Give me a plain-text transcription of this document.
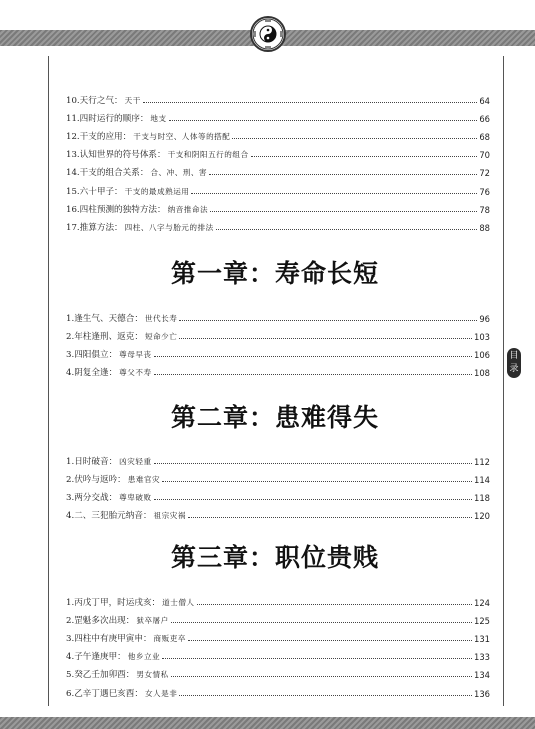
目
录
10.天行之气： 天干	64
11.四时运行的顺序： 地支	66
12.干支的应用： 干支与时空、人体等的搭配	68
13.认知世界的符号体系： 干支和阴阳五行的组合	70
14.干支的组合关系： 合、冲、刑、害	72
15.六十甲子： 干支的最成熟运用	76
16.四柱预测的独特方法： 纳音推命法	78
17.推算方法： 四柱、八字与胎元的排法	88
第一章：寿命长短
1.逢生气、天德合： 世代长寿	96
2.年柱逢刑、返克： 短命少亡	103
3.四阳俱立： 尊母早丧	106
4.阴复全逢： 尊父不寿	108
第二章：患难得失
1.日时破音： 凶灾轻重	112
2.伏吟与返吟： 患难官灾	114
3.两分交战： 尊卑破败	118
4.二、三犯胎元纳音： 祖宗灾祸	120
第三章：职位贵贱
1.丙戊丁甲，时运戌亥： 道士僧人	124
2.罡魁多次出现： 狱卒屠户	125
3.四柱中有庚甲寅申： 商贩吏卒	131
4.子午逢庚甲： 他乡立业	133
5.癸乙壬加卯酉： 男女情私	134
6.乙辛丁遇巳亥酉： 女人是非	136
